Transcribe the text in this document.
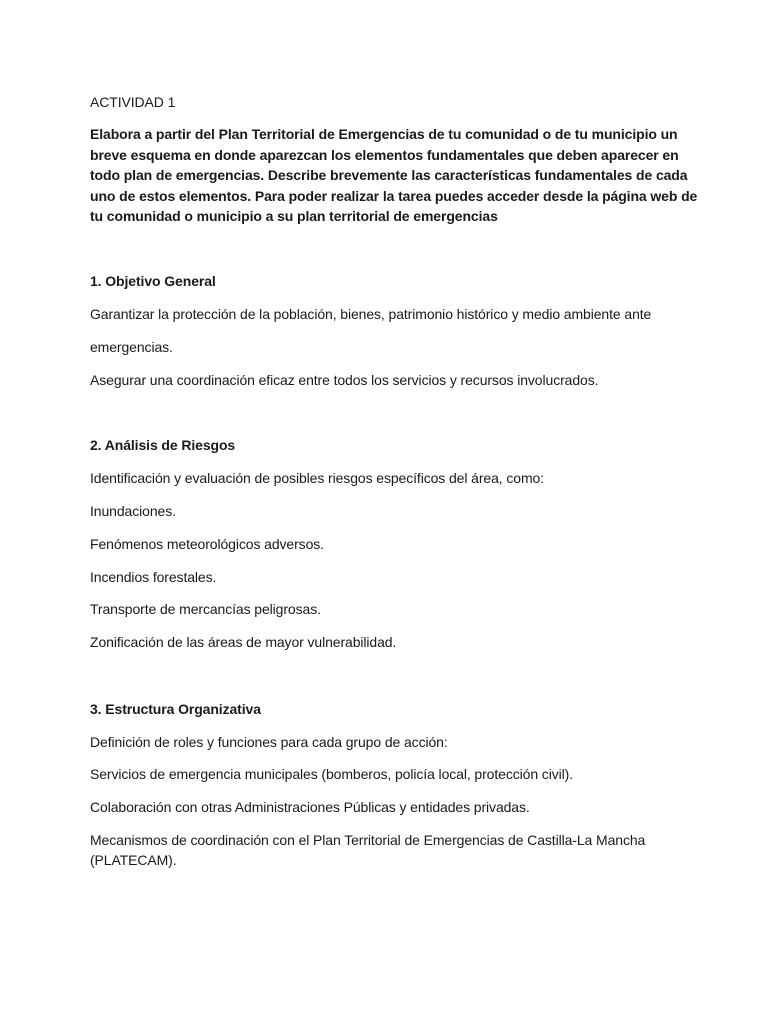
ACTIVIDAD 1
Elabora a partir del Plan Territorial de Emergencias de tu comunidad o de tu municipio un
breve esquema en donde aparezcan los elementos fundamentales que deben aparecer en
todo plan de emergencias. Describe brevemente las características fundamentales de cada
uno de estos elementos. Para poder realizar la tarea puedes acceder desde la página web de
tu comunidad o municipio a su plan territorial de emergencias
1. Objetivo General
Garantizar la protección de la población, bienes, patrimonio histórico y medio ambiente ante
emergencias.
Asegurar una coordinación eficaz entre todos los servicios y recursos involucrados.
2. Análisis de Riesgos
Identificación y evaluación de posibles riesgos específicos del área, como:
Inundaciones.
Fenómenos meteorológicos adversos.
Incendios forestales.
Transporte de mercancías peligrosas.
Zonificación de las áreas de mayor vulnerabilidad.
3. Estructura Organizativa
Definición de roles y funciones para cada grupo de acción:
Servicios de emergencia municipales (bomberos, policía local, protección civil).
Colaboración con otras Administraciones Públicas y entidades privadas.
Mecanismos de coordinación con el Plan Territorial de Emergencias de Castilla-La Mancha
(PLATECAM).
